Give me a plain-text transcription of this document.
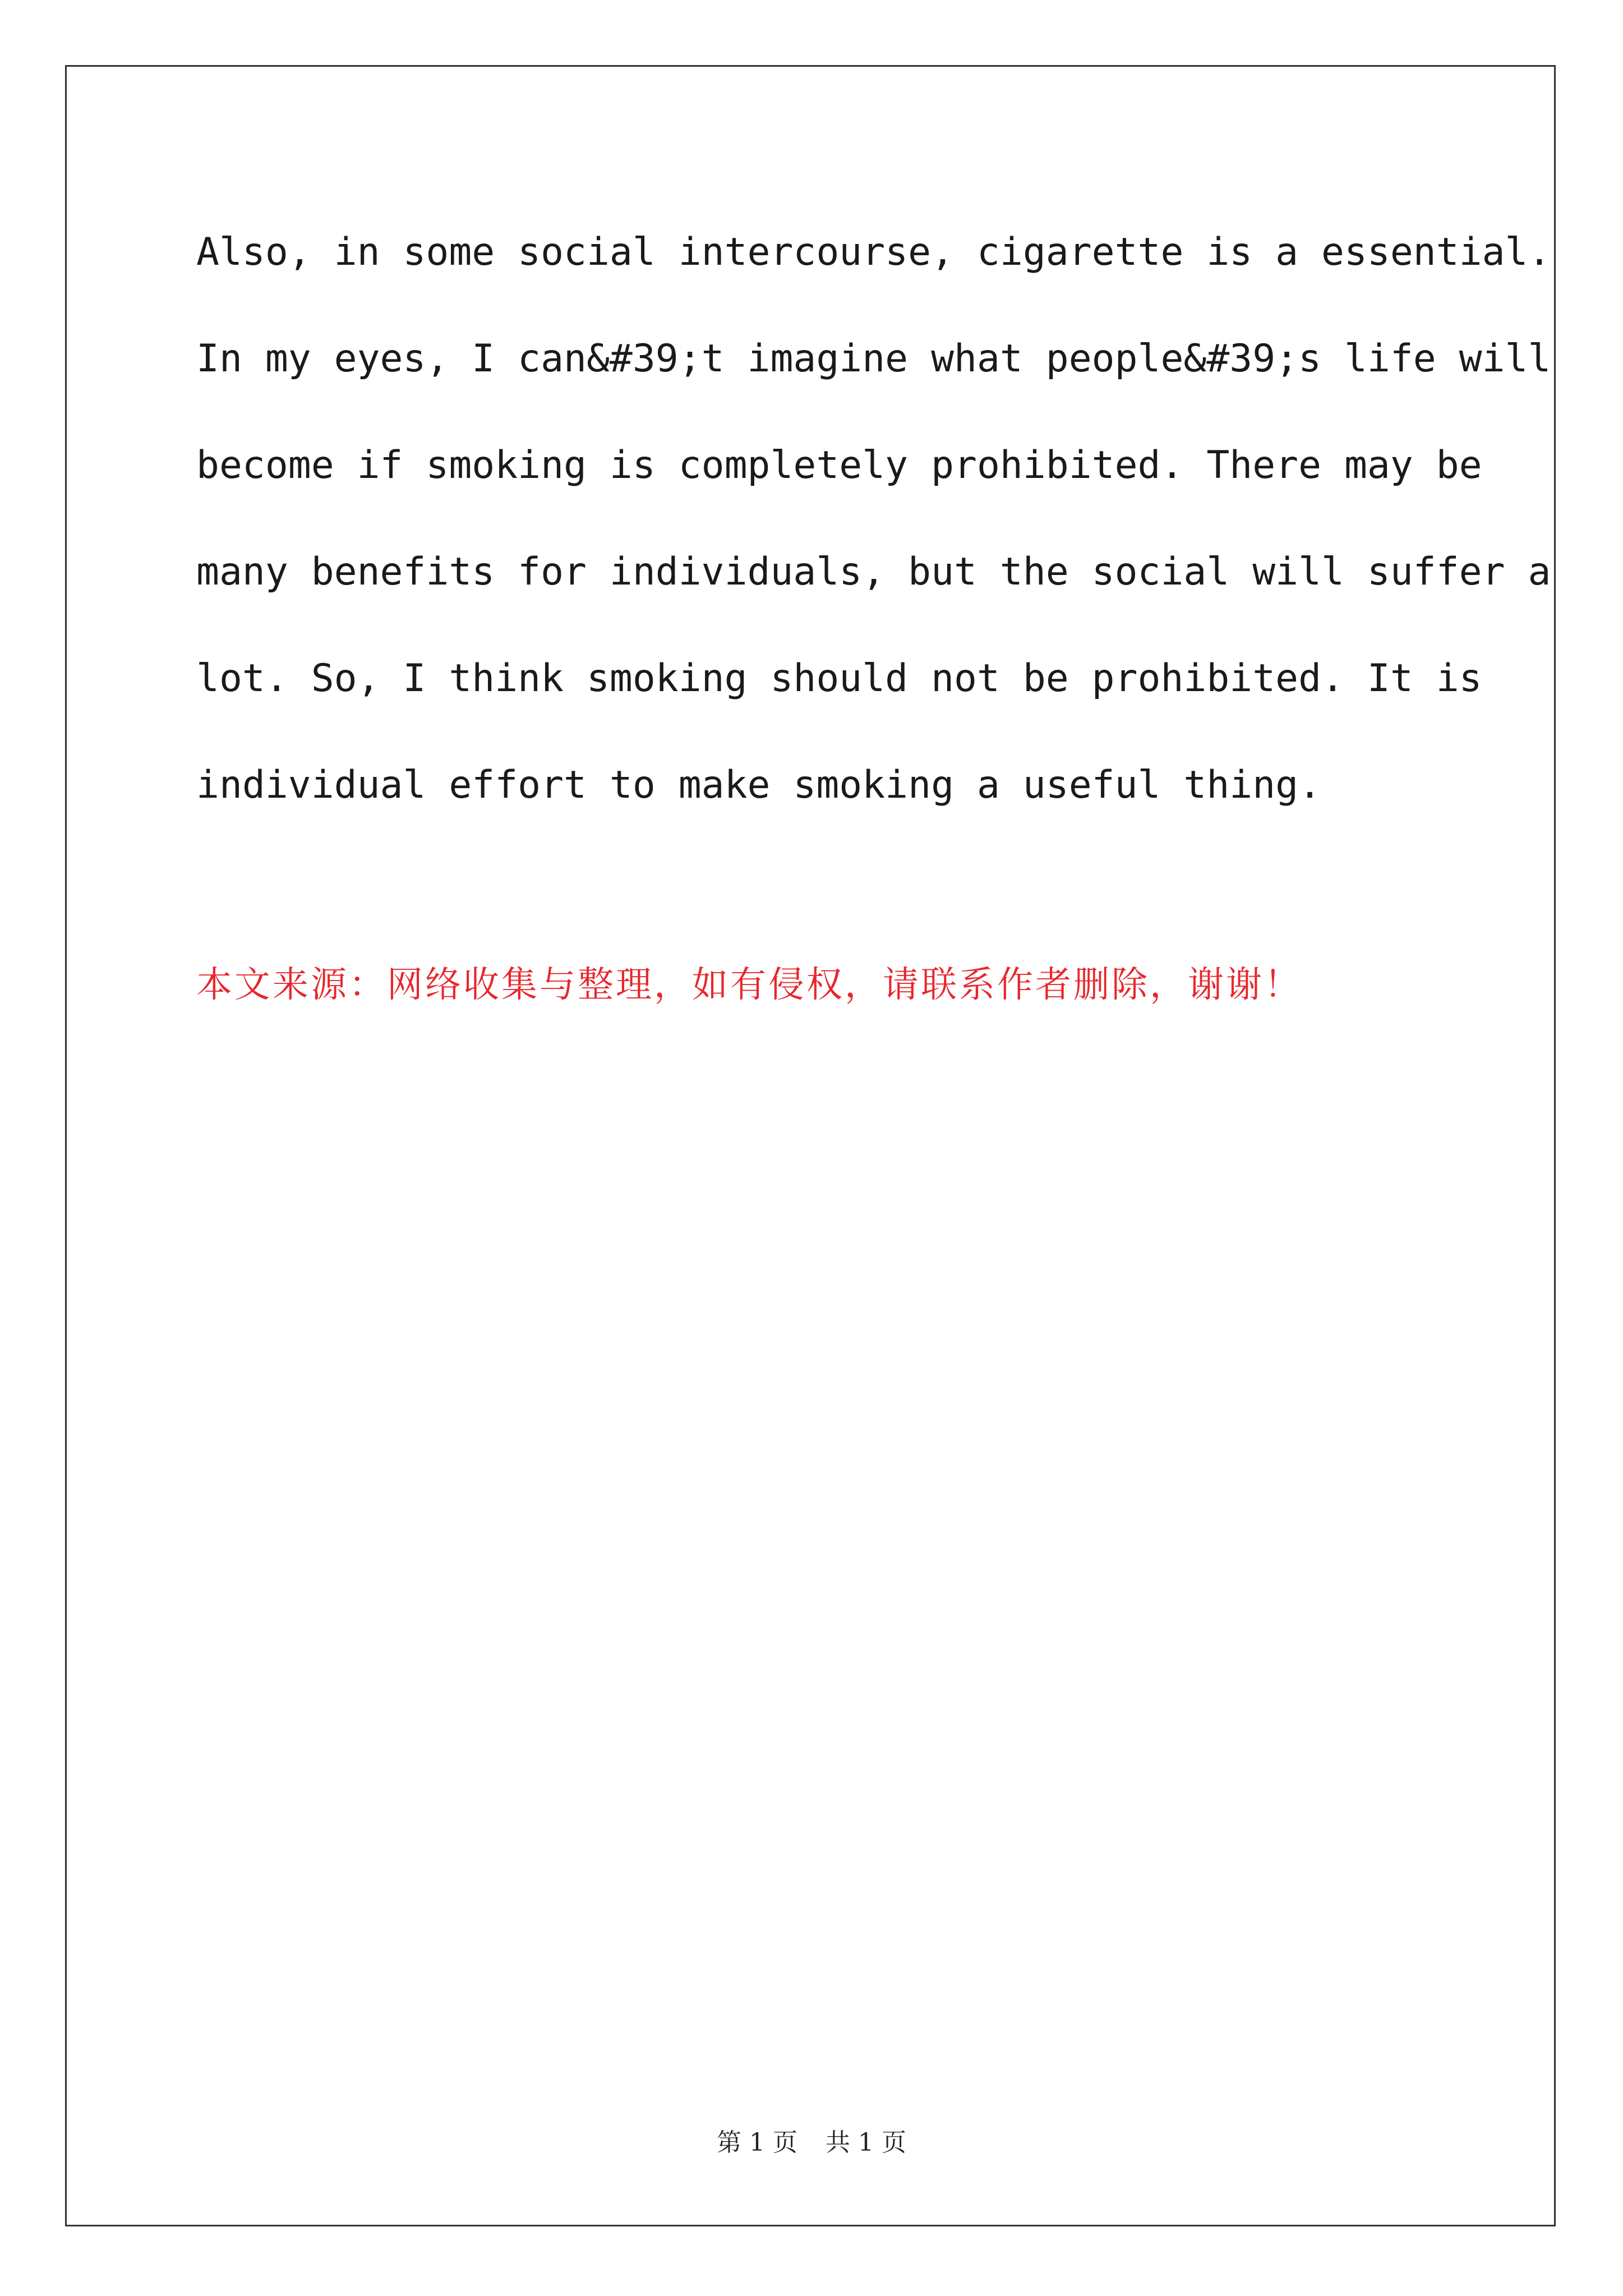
Also, in some social intercourse, cigarette is a essential.

In my eyes, I can&#39;t imagine what people&#39;s life will

become if smoking is completely prohibited. There may be

many benefits for individuals, but the social will suffer a

lot. So, I think smoking should not be prohibited. It is

individual effort to make smoking a useful thing.

本文来源：网络收集与整理，如有侵权，请联系作者删除，谢谢！

第 1 页 共 1 页
